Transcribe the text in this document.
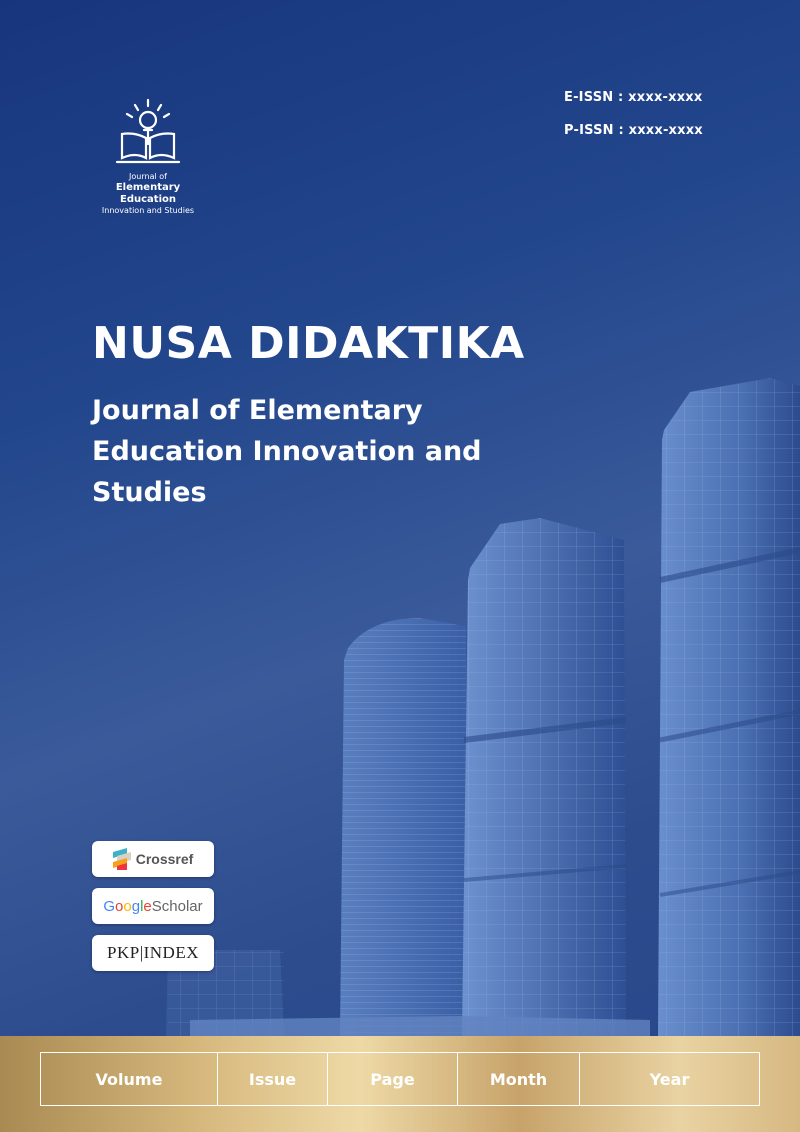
Journal of
Elementary Education
Innovation and Studies
E-ISSN : xxxx-xxxx
P-ISSN : xxxx-xxxx
NUSA DIDAKTIKA
Journal of Elementary Education Innovation and Studies
Crossref
Google Scholar
PKP|INDEX
Volume	Issue	Page	Month	Year
